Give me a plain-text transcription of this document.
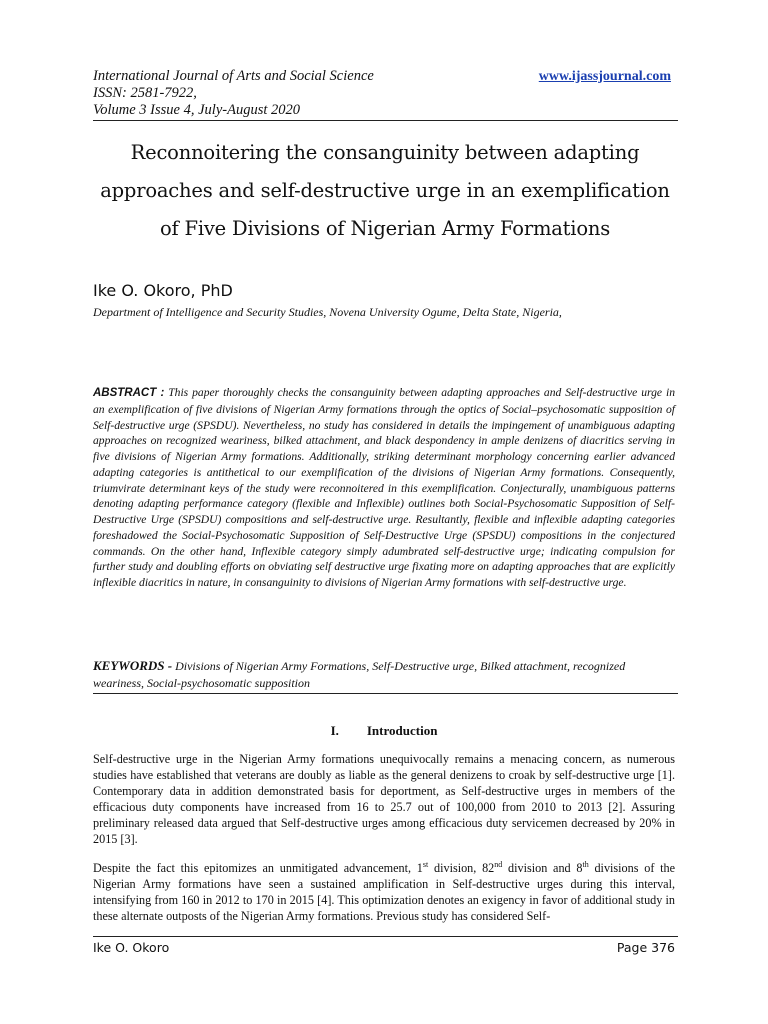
International Journal of Arts and Social Science
ISSN: 2581-7922,
Volume 3 Issue 4, July-August 2020
www.ijassjournal.com
Reconnoitering the consanguinity between adapting
approaches and self-destructive urge in an exemplification
of Five Divisions of Nigerian Army Formations
Ike O. Okoro, PhD
Department of Intelligence and Security Studies, Novena University Ogume, Delta State, Nigeria,
ABSTRACT : This paper thoroughly checks the consanguinity between adapting approaches and Self-destructive urge in an exemplification of five divisions of Nigerian Army formations through the optics of Social–psychosomatic supposition of Self-destructive urge (SPSDU). Nevertheless, no study has considered in details the impingement of unambiguous adapting approaches on recognized weariness, bilked attachment, and black despondency in ample denizens of diacritics serving in five divisions of Nigerian Army formations. Additionally, striking determinant morphology concerning earlier advanced adapting categories is antithetical to our exemplification of the divisions of Nigerian Army formations. Consequently, triumvirate determinant keys of the study were reconnoitered in this exemplification. Conjecturally, unambiguous patterns denoting adapting performance category (flexible and Inflexible) outlines both Social-Psychosomatic Supposition of Self-Destructive Urge (SPSDU) compositions and self-destructive urge. Resultantly, flexible and inflexible adapting categories foreshadowed the Social-Psychosomatic Supposition of Self-Destructive Urge (SPSDU) compositions in the conjectured commands. On the other hand, Inflexible category simply adumbrated self-destructive urge; indicating compulsion for further study and doubling efforts on obviating self destructive urge fixating more on adapting approaches that are explicitly inflexible diacritics in nature, in consanguinity to divisions of Nigerian Army formations with self-destructive urge.
KEYWORDS - Divisions of Nigerian Army Formations, Self-Destructive urge, Bilked attachment, recognized weariness, Social-psychosomatic supposition
I. Introduction
Self-destructive urge in the Nigerian Army formations unequivocally remains a menacing concern, as numerous studies have established that veterans are doubly as liable as the general denizens to croak by self-destructive urge [1]. Contemporary data in addition demonstrated basis for deportment, as Self-destructive urges in members of the efficacious duty components have increased from 16 to 25.7 out of 100,000 from 2010 to 2013 [2]. Assuring preliminary released data argued that Self-destructive urges among efficacious duty servicemen decreased by 20% in 2015 [3].
Despite the fact this epitomizes an unmitigated advancement, 1st division, 82nd division and 8th divisions of the Nigerian Army formations have seen a sustained amplification in Self-destructive urges during this interval, intensifying from 160 in 2012 to 170 in 2015 [4]. This optimization denotes an exigency in favor of additional study in these alternate outposts of the Nigerian Army formations. Previous study has considered Self-
Ike O. Okoro	Page 376
